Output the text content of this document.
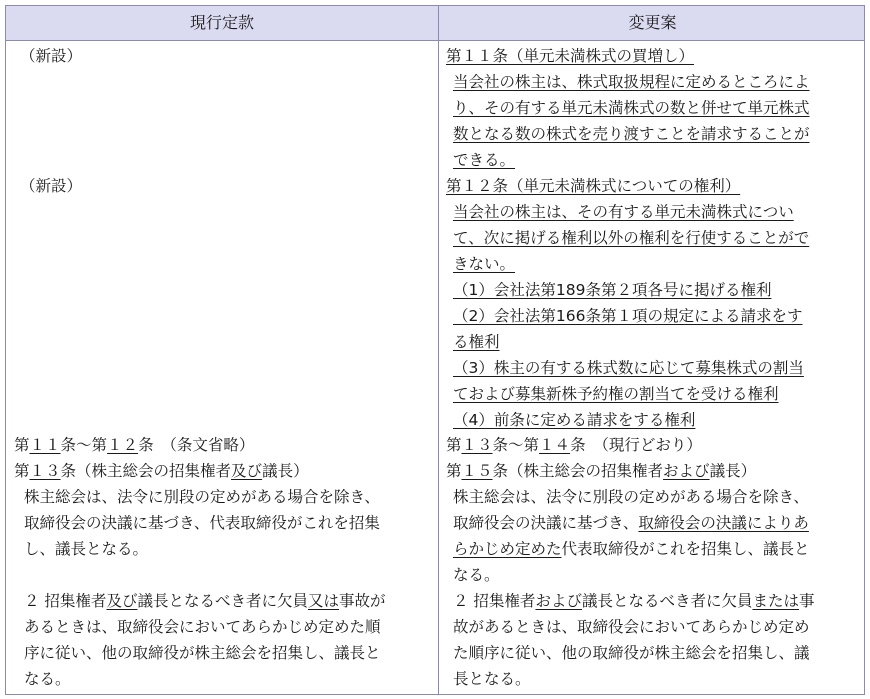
現行定款	変更案
（新設）
（新設）
第１１条～第１２条　（条文省略）
第１３条（株主総会の招集権者及び議長）
株主総会は、法令に別段の定めがある場合を除き、
取締役会の決議に基づき、代表取締役がこれを招集
し、議長となる。
２ 招集権者及び議長となるべき者に欠員又は事故が
あるときは、取締役会においてあらかじめ定めた順
序に従い、他の取締役が株主総会を招集し、議長と
なる。
第１１条（単元未満株式の買増し）
当会社の株主は、株式取扱規程に定めるところによ
り、その有する単元未満株式の数と併せて単元株式
数となる数の株式を売り渡すことを請求することが
できる。
第１２条（単元未満株式についての権利）
当会社の株主は、その有する単元未満株式につい
て、次に掲げる権利以外の権利を行使することがで
きない。
（1）会社法第189条第２項各号に掲げる権利
（2）会社法第166条第１項の規定による請求をす
る権利
（3）株主の有する株式数に応じて募集株式の割当
ておよび募集新株予約権の割当てを受ける権利
（4）前条に定める請求をする権利
第１３条～第１４条　（現行どおり）
第１５条（株主総会の招集権者および議長）
株主総会は、法令に別段の定めがある場合を除き、
取締役会の決議に基づき、取締役会の決議によりあ
らかじめ定めた代表取締役がこれを招集し、議長と
なる。
２ 招集権者および議長となるべき者に欠員または事
故があるときは、取締役会においてあらかじめ定め
た順序に従い、他の取締役が株主総会を招集し、議
長となる。
